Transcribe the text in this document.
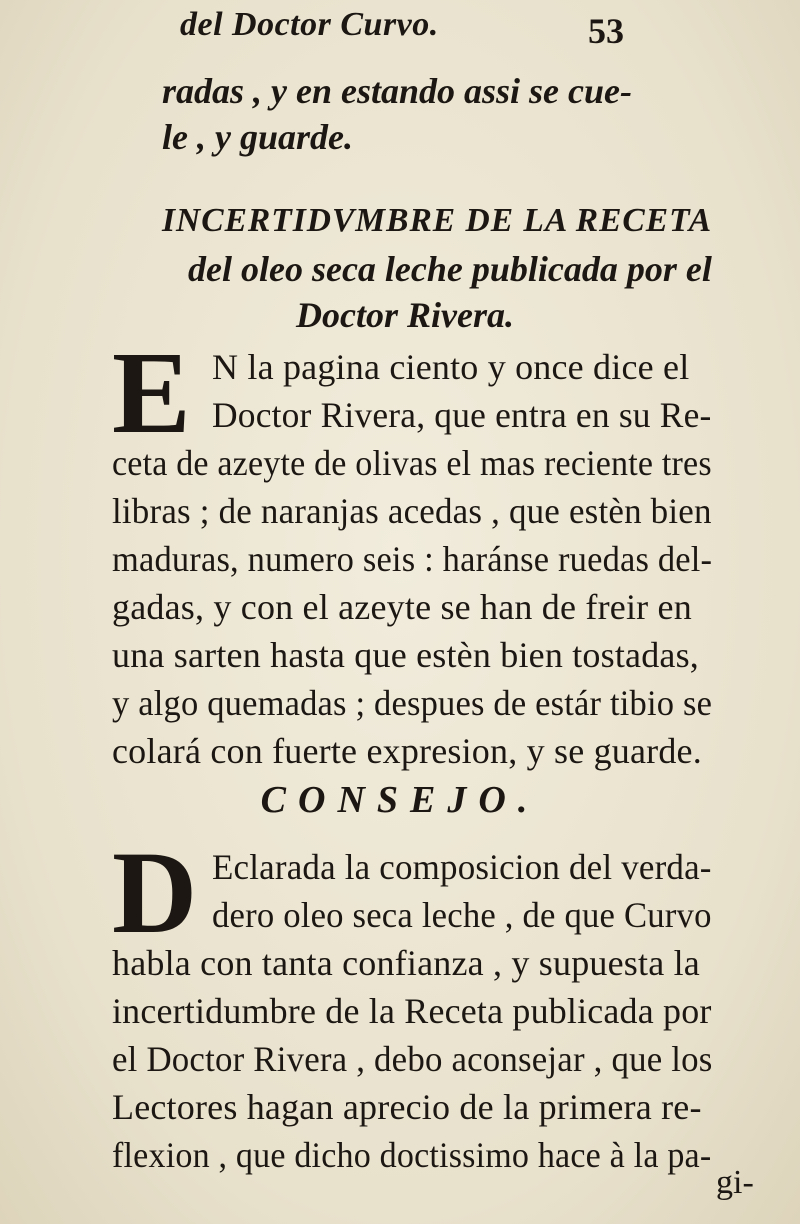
del Doctor Curvo.	53
radas , y en estando assi se cue-
le , y guarde.
INCERTIDVMBRE DE LA RECETA
del oleo seca leche publicada por el
Doctor Rivera.
E N la pagina ciento y once dice el
Doctor Rivera, que entra en su Re-
ceta de azeyte de olivas el mas reciente tres
libras ; de naranjas acedas , que estèn bien
maduras, numero seis : haránse ruedas del-
gadas, y con el azeyte se han de freir en
una sarten hasta que estèn bien tostadas,
y algo quemadas ; despues de estár tibio se
colará con fuerte expresion, y se guarde.
CONSEJO.
D Eclarada la composicion del verda-
dero oleo seca leche , de que Curvo
habla con tanta confianza , y supuesta la
incertidumbre de la Receta publicada por
el Doctor Rivera , debo aconsejar , que los
Lectores hagan aprecio de la primera re-
flexion , que dicho doctissimo hace à la pa-
gi-
